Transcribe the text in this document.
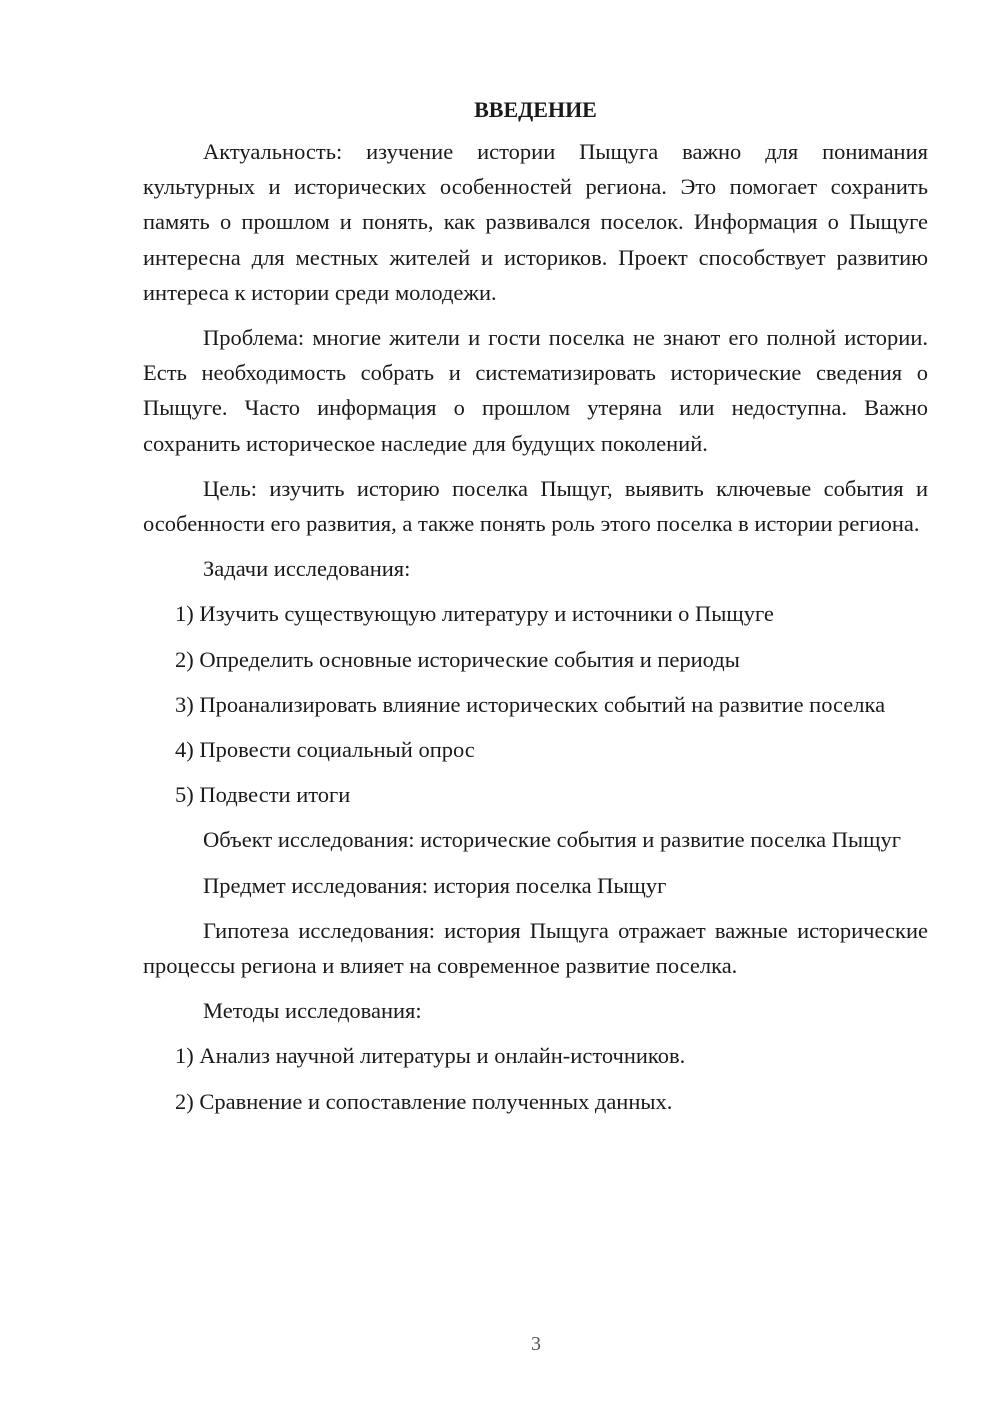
ВВЕДЕНИЕ

Актуальность: изучение истории Пыщуга важно для понимания культурных и исторических особенностей региона. Это помогает сохранить память о прошлом и понять, как развивался поселок. Информация о Пыщуге интересна для местных жителей и историков. Проект способствует развитию интереса к истории среди молодежи.

Проблема: многие жители и гости поселка не знают его полной истории. Есть необходимость собрать и систематизировать исторические сведения о Пыщуге. Часто информация о прошлом утеряна или недоступна. Важно сохранить историческое наследие для будущих поколений.

Цель: изучить историю поселка Пыщуг, выявить ключевые события и особенности его развития, а также понять роль этого поселка в истории региона.

Задачи исследования:

1) Изучить существующую литературу и источники о Пыщуге

2) Определить основные исторические события и периоды

3) Проанализировать влияние исторических событий на развитие поселка

4) Провести социальный опрос

5) Подвести итоги

Объект исследования: исторические события и развитие поселка Пыщуг

Предмет исследования: история поселка Пыщуг

Гипотеза исследования: история Пыщуга отражает важные исторические процессы региона и влияет на современное развитие поселка.

Методы исследования:

1) Анализ научной литературы и онлайн-источников.

2) Сравнение и сопоставление полученных данных.

3
